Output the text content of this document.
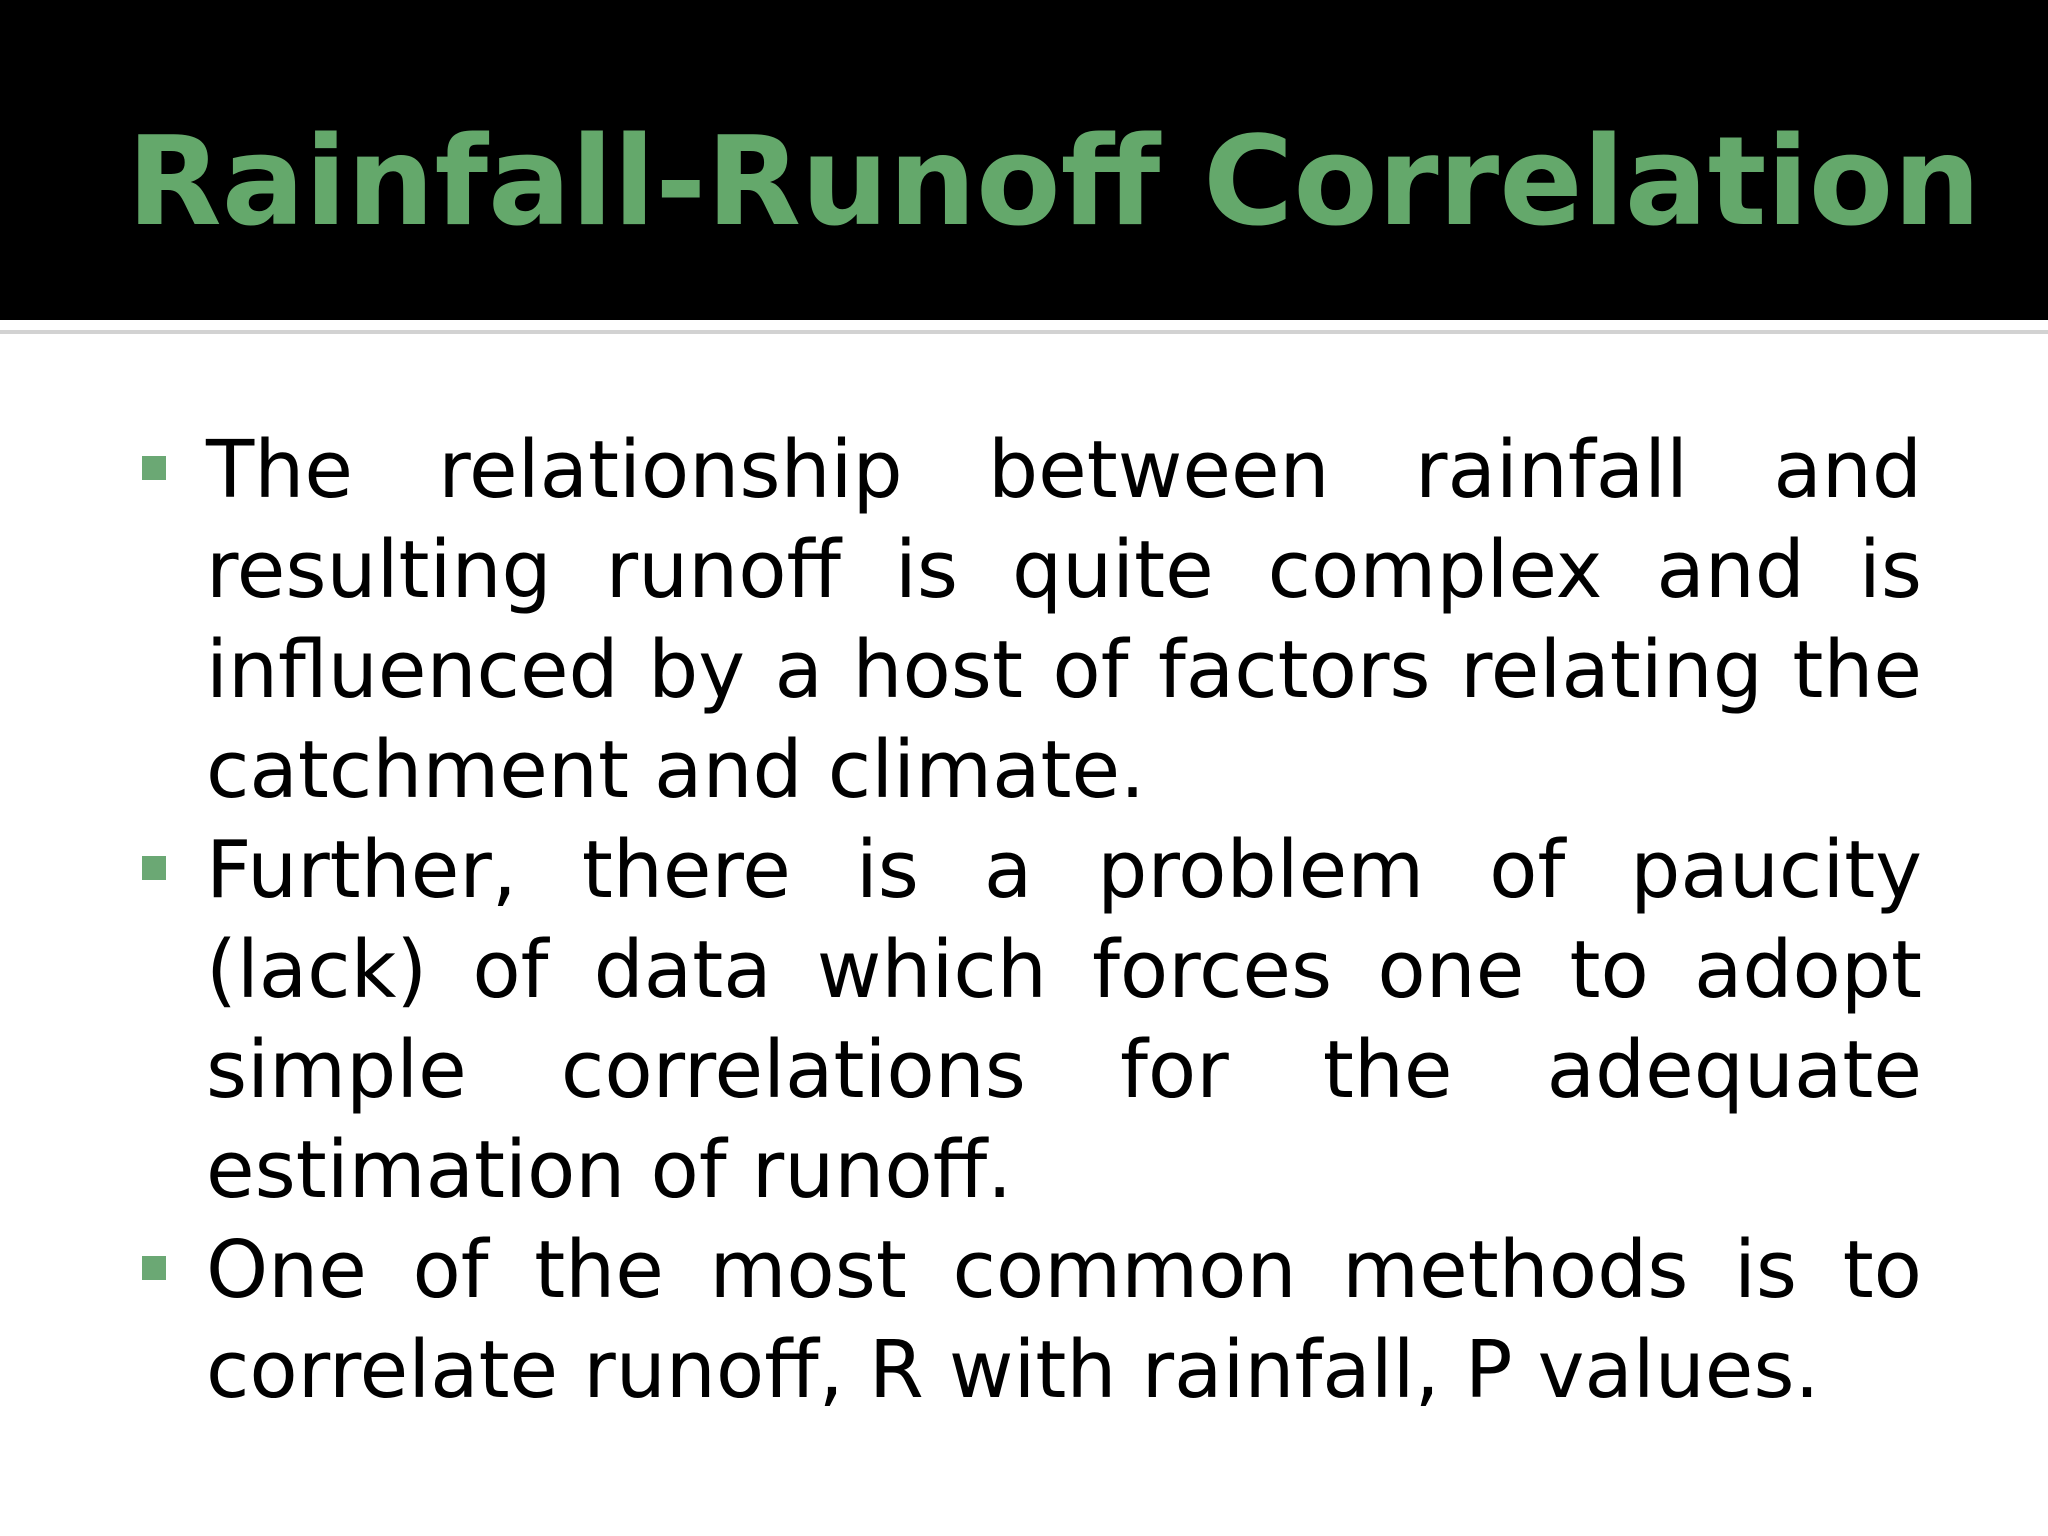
Rainfall-Runoff Correlation
The relationship between rainfall and resulting runoff is quite complex and is influenced by a host of factors relating the catchment and climate.
Further, there is a problem of paucity (lack) of data which forces one to adopt simple correlations for the adequate estimation of runoff.
One of the most common methods is to correlate runoff, R with rainfall, P values.
